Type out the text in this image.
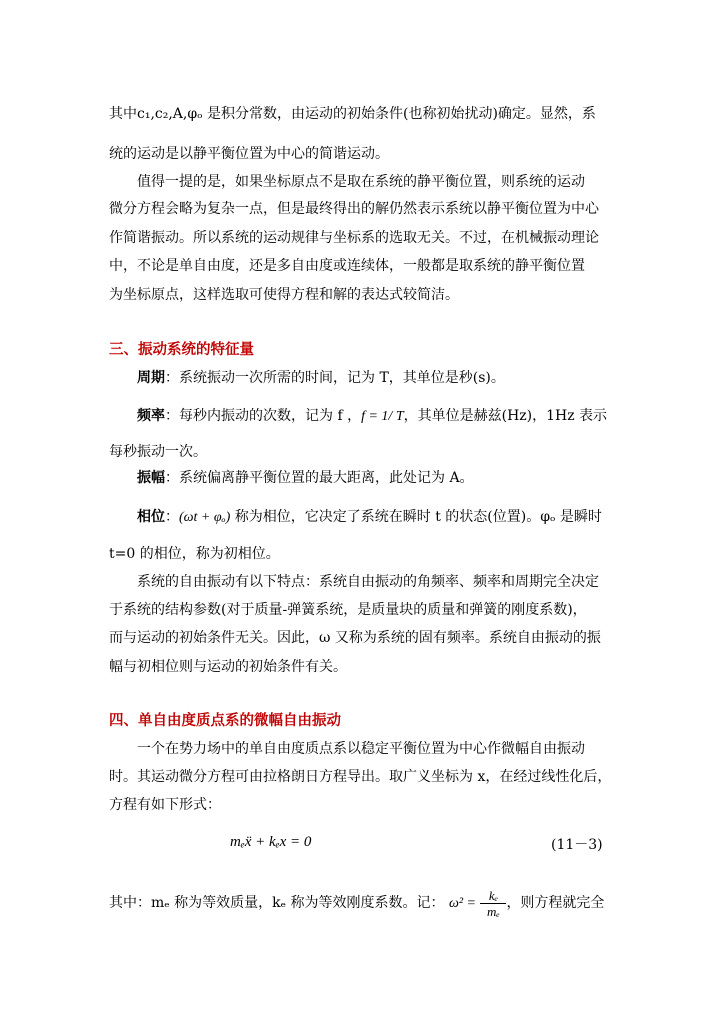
其中c₁,c₂,A,φₒ 是积分常数，由运动的初始条件(也称初始扰动)确定。显然，系
统的运动是以静平衡位置为中心的简谐运动。
值得一提的是，如果坐标原点不是取在系统的静平衡位置，则系统的运动
微分方程会略为复杂一点，但是最终得出的解仍然表示系统以静平衡位置为中心
作简谐振动。所以系统的运动规律与坐标系的选取无关。不过，在机械振动理论
中，不论是单自由度，还是多自由度或连续体，一般都是取系统的静平衡位置
为坐标原点，这样选取可使得方程和解的表达式较简洁。
三、振动系统的特征量
周期：系统振动一次所需的时间，记为 T，其单位是秒(s)。
频率：每秒内振动的次数，记为 f ，f = 1/ T，其单位是赫兹(Hz)，1Hz 表示
每秒振动一次。
振幅：系统偏离静平衡位置的最大距离，此处记为 A。
相位：(ωt + φₒ) 称为相位，它决定了系统在瞬时 t 的状态(位置)。φₒ 是瞬时
t=0 的相位，称为初相位。
系统的自由振动有以下特点：系统自由振动的角频率、频率和周期完全决定
于系统的结构参数(对于质量-弹簧系统，是质量块的质量和弹簧的刚度系数)，
而与运动的初始条件无关。因此，ω 又称为系统的固有频率。系统自由振动的振
幅与初相位则与运动的初始条件有关。
四、单自由度质点系的微幅自由振动
一个在势力场中的单自由度质点系以稳定平衡位置为中心作微幅自由振动
时。其运动微分方程可由拉格朗日方程导出。取广义坐标为 x，在经过线性化后，
方程有如下形式：
mₑẍ + kₑx = 0	(11－3)
其中：mₑ 称为等效质量，kₑ 称为等效刚度系数。记： $\omega^2 = \frac{\text{kₑ}}{\text{mₑ}}$ ，则方程就完全
